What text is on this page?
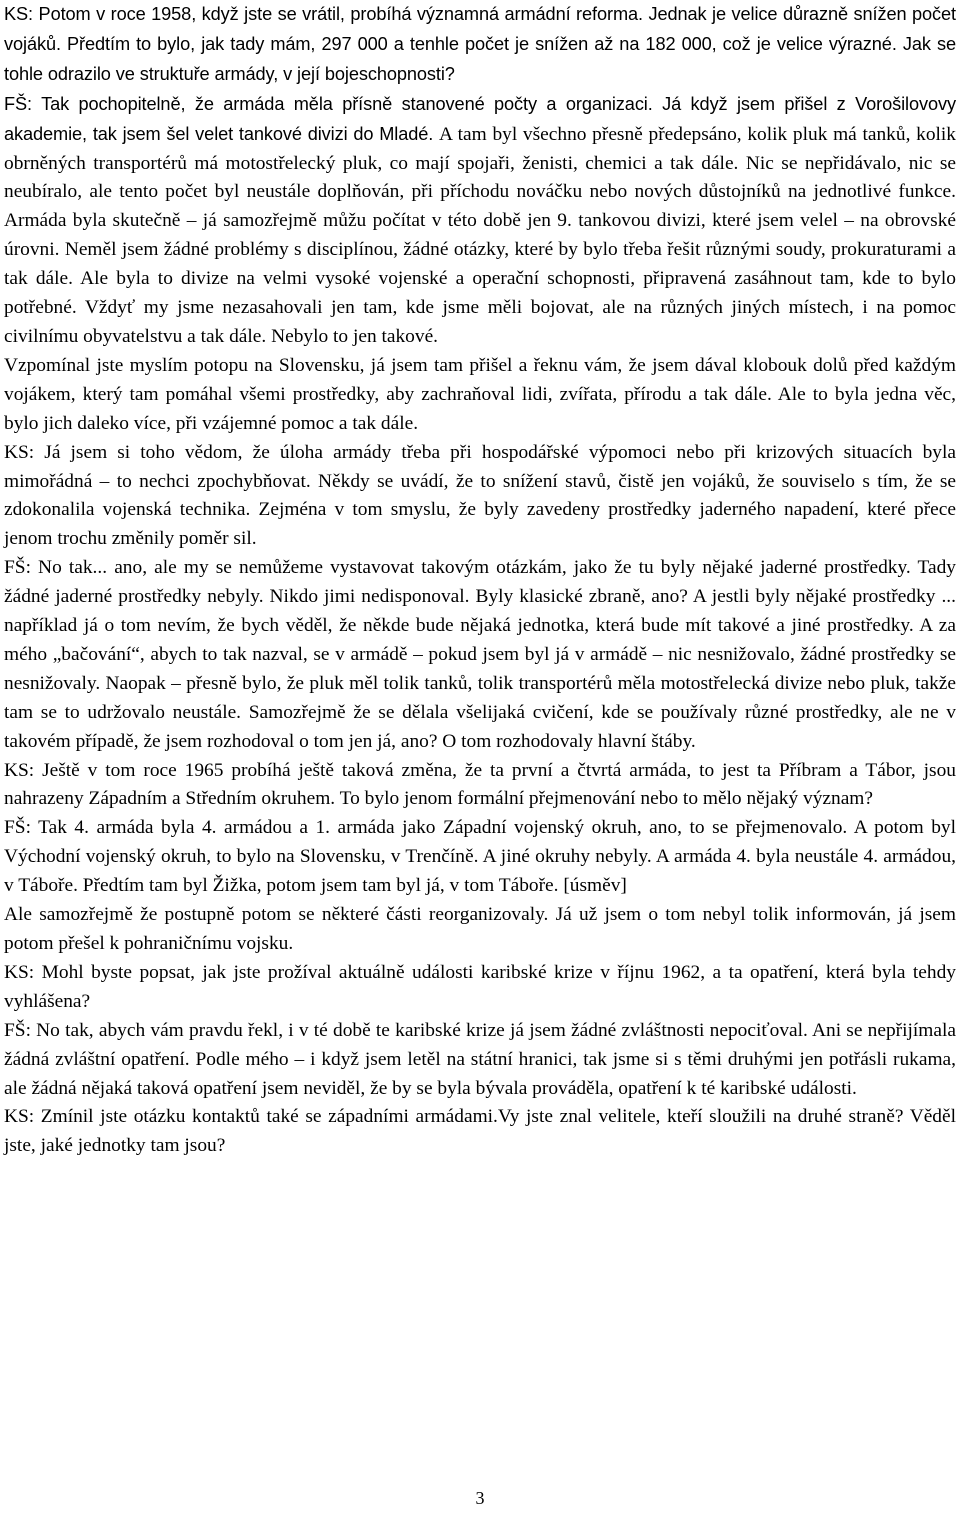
KS: Potom v roce 1958, když jste se vrátil, probíhá významná armádní reforma. Jednak je velice důrazně snížen počet vojáků. Předtím to bylo, jak tady mám, 297 000 a tenhle počet je snížen až na 182 000, což je velice výrazné. Jak se tohle odrazilo ve struktuře armády, v její bojeschopnosti?

FŠ: Tak pochopitelně, že armáda měla přísně stanovené počty a organizaci. Já když jsem přišel z Vorošilovovy akademie, tak jsem šel velet tankové divizi do Mladé. A tam byl všechno přesně předepsáno, kolik pluk má tanků, kolik obrněných transportérů má motostřelecký pluk, co mají spojaři, ženisti, chemici a tak dále. Nic se nepřidávalo, nic se neubíralo, ale tento počet byl neustále doplňován, při příchodu nováčku nebo nových důstojníků na jednotlivé funkce. Armáda byla skutečně – já samozřejmě můžu počítat v této době jen 9. tankovou divizi, které jsem velel – na obrovské úrovni. Neměl jsem žádné problémy s disciplínou, žádné otázky, které by bylo třeba řešit různými soudy, prokuraturami a tak dále. Ale byla to divize na velmi vysoké vojenské a operační schopnosti, připravená zasáhnout tam, kde to bylo potřebné. Vždyť my jsme nezasahovali jen tam, kde jsme měli bojovat, ale na různých jiných místech, i na pomoc civilnímu obyvatelstvu a tak dále. Nebylo to jen takové.

Vzpomínal jste myslím potopu na Slovensku, já jsem tam přišel a řeknu vám, že jsem dával klobouk dolů před každým vojákem, který tam pomáhal všemi prostředky, aby zachraňoval lidi, zvířata, přírodu a tak dále. Ale to byla jedna věc, bylo jich daleko více, při vzájemné pomoc a tak dále.

KS: Já jsem si toho vědom, že úloha armády třeba při hospodářské výpomoci nebo při krizových situacích byla mimořádná – to nechci zpochybňovat. Někdy se uvádí, že to snížení stavů, čistě jen vojáků, že souviselo s tím, že se zdokonalila vojenská technika. Zejména v tom smyslu, že byly zavedeny prostředky jaderného napadení, které přece jenom trochu změnily poměr sil.

FŠ: No tak... ano, ale my se nemůžeme vystavovat takovým otázkám, jako že tu byly nějaké jaderné prostředky. Tady žádné jaderné prostředky nebyly. Nikdo jimi nedisponoval. Byly klasické zbraně, ano? A jestli byly nějaké prostředky ... například já o tom nevím, že bych věděl, že někde bude nějaká jednotka, která bude mít takové a jiné prostředky. A za mého „bačování“, abych to tak nazval, se v armádě – pokud jsem byl já v armádě – nic nesnižovalo, žádné prostředky se nesnižovaly. Naopak – přesně bylo, že pluk měl tolik tanků, tolik transportérů měla motostřelecká divize nebo pluk, takže tam se to udržovalo neustále. Samozřejmě že se dělala všelijaká cvičení, kde se používaly různé prostředky, ale ne v takovém případě, že jsem rozhodoval o tom jen já, ano? O tom rozhodovaly hlavní štáby.

KS: Ještě v tom roce 1965 probíhá ještě taková změna, že ta první a čtvrtá armáda, to jest ta Příbram a Tábor, jsou nahrazeny Západním a Středním okruhem. To bylo jenom formální přejmenování nebo to mělo nějaký význam?

FŠ: Tak 4. armáda byla 4. armádou a 1. armáda jako Západní vojenský okruh, ano, to se přejmenovalo. A potom byl Východní vojenský okruh, to bylo na Slovensku, v Trenčíně. A jiné okruhy nebyly. A armáda 4. byla neustále 4. armádou, v Táboře. Předtím tam byl Žižka, potom jsem tam byl já, v tom Táboře. [úsměv]

Ale samozřejmě že postupně potom se některé části reorganizovaly. Já už jsem o tom nebyl tolik informován, já jsem potom přešel k pohraničnímu vojsku.

KS: Mohl byste popsat, jak jste prožíval aktuálně události karibské krize v říjnu 1962, a ta opatření, která byla tehdy vyhlášena?

FŠ: No tak, abych vám pravdu řekl, i v té době te karibské krize já jsem žádné zvláštnosti nepociťoval. Ani se nepřijímala žádná zvláštní opatření. Podle mého – i když jsem letěl na státní hranici, tak jsme si s těmi druhými jen potřásli rukama, ale žádná nějaká taková opatření jsem neviděl, že by se byla bývala prováděla, opatření k té karibské události.

KS: Zmínil jste otázku kontaktů také se západními armádami.Vy jste znal velitele, kteří sloužili na druhé straně? Věděl jste, jaké jednotky tam jsou?

3
